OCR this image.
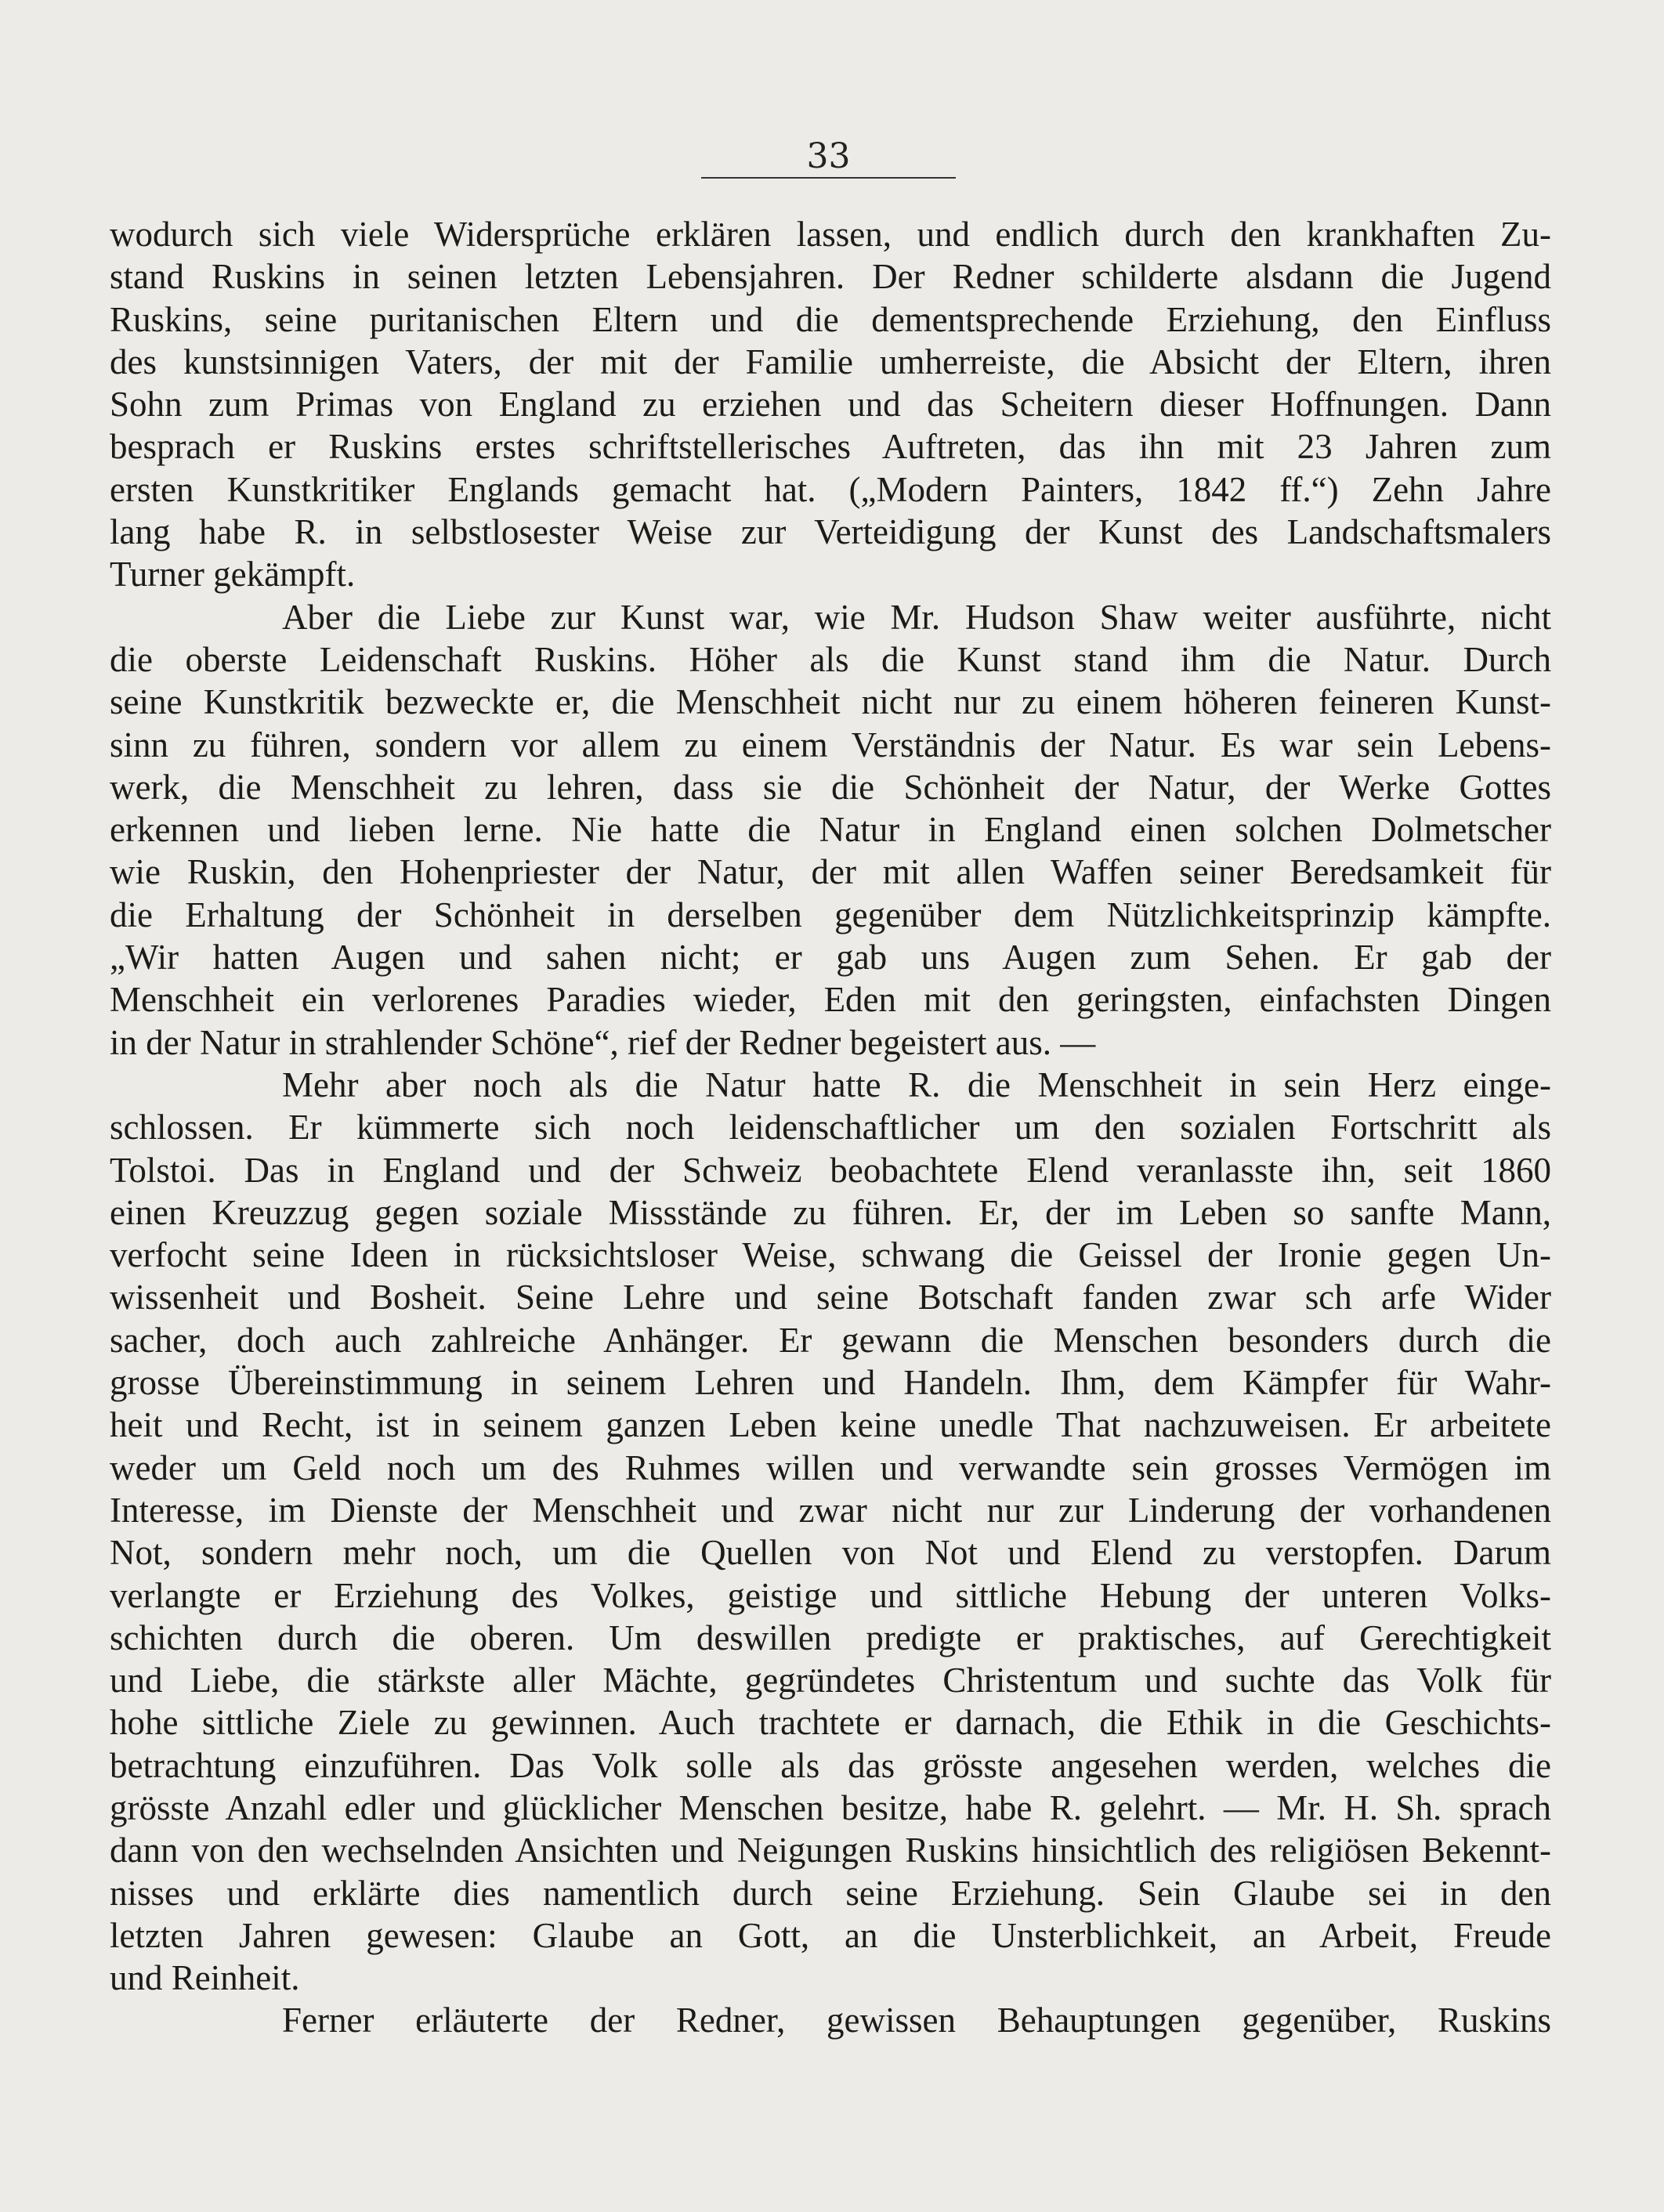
33
wodurch sich viele Widersprüche erklären lassen, und endlich durch den krankhaften Zu-
stand Ruskins in seinen letzten Lebensjahren. Der Redner schilderte alsdann die Jugend
Ruskins, seine puritanischen Eltern und die dementsprechende Erziehung, den Einfluss
des kunstsinnigen Vaters, der mit der Familie umherreiste, die Absicht der Eltern, ihren
Sohn zum Primas von England zu erziehen und das Scheitern dieser Hoffnungen. Dann
besprach er Ruskins erstes schriftstellerisches Auftreten, das ihn mit 23 Jahren zum
ersten Kunstkritiker Englands gemacht hat. („Modern Painters, 1842 ff.“) Zehn Jahre
lang habe R. in selbstlosester Weise zur Verteidigung der Kunst des Landschaftsmalers
Turner gekämpft.
Aber die Liebe zur Kunst war, wie Mr. Hudson Shaw weiter ausführte, nicht
die oberste Leidenschaft Ruskins. Höher als die Kunst stand ihm die Natur. Durch
seine Kunstkritik bezweckte er, die Menschheit nicht nur zu einem höheren feineren Kunst-
sinn zu führen, sondern vor allem zu einem Verständnis der Natur. Es war sein Lebens-
werk, die Menschheit zu lehren, dass sie die Schönheit der Natur, der Werke Gottes
erkennen und lieben lerne. Nie hatte die Natur in England einen solchen Dolmetscher
wie Ruskin, den Hohenpriester der Natur, der mit allen Waffen seiner Beredsamkeit für
die Erhaltung der Schönheit in derselben gegenüber dem Nützlichkeitsprinzip kämpfte.
„Wir hatten Augen und sahen nicht; er gab uns Augen zum Sehen. Er gab der
Menschheit ein verlorenes Paradies wieder, Eden mit den geringsten, einfachsten Dingen
in der Natur in strahlender Schöne“, rief der Redner begeistert aus. —
Mehr aber noch als die Natur hatte R. die Menschheit in sein Herz einge-
schlossen. Er kümmerte sich noch leidenschaftlicher um den sozialen Fortschritt als
Tolstoi. Das in England und der Schweiz beobachtete Elend veranlasste ihn, seit 1860
einen Kreuzzug gegen soziale Missstände zu führen. Er, der im Leben so sanfte Mann,
verfocht seine Ideen in rücksichtsloser Weise, schwang die Geissel der Ironie gegen Un-
wissenheit und Bosheit. Seine Lehre und seine Botschaft fanden zwar sch arfe Wider
sacher, doch auch zahlreiche Anhänger. Er gewann die Menschen besonders durch die
grosse Übereinstimmung in seinem Lehren und Handeln. Ihm, dem Kämpfer für Wahr-
heit und Recht, ist in seinem ganzen Leben keine unedle That nachzuweisen. Er arbeitete
weder um Geld noch um des Ruhmes willen und verwandte sein grosses Vermögen im
Interesse, im Dienste der Menschheit und zwar nicht nur zur Linderung der vorhandenen
Not, sondern mehr noch, um die Quellen von Not und Elend zu verstopfen. Darum
verlangte er Erziehung des Volkes, geistige und sittliche Hebung der unteren Volks-
schichten durch die oberen. Um deswillen predigte er praktisches, auf Gerechtigkeit
und Liebe, die stärkste aller Mächte, gegründetes Christentum und suchte das Volk für
hohe sittliche Ziele zu gewinnen. Auch trachtete er darnach, die Ethik in die Geschichts-
betrachtung einzuführen. Das Volk solle als das grösste angesehen werden, welches die
grösste Anzahl edler und glücklicher Menschen besitze, habe R. gelehrt. — Mr. H. Sh. sprach
dann von den wechselnden Ansichten und Neigungen Ruskins hinsichtlich des religiösen Bekennt-
nisses und erklärte dies namentlich durch seine Erziehung. Sein Glaube sei in den
letzten Jahren gewesen: Glaube an Gott, an die Unsterblichkeit, an Arbeit, Freude
und Reinheit.
Ferner erläuterte der Redner, gewissen Behauptungen gegenüber, Ruskins
